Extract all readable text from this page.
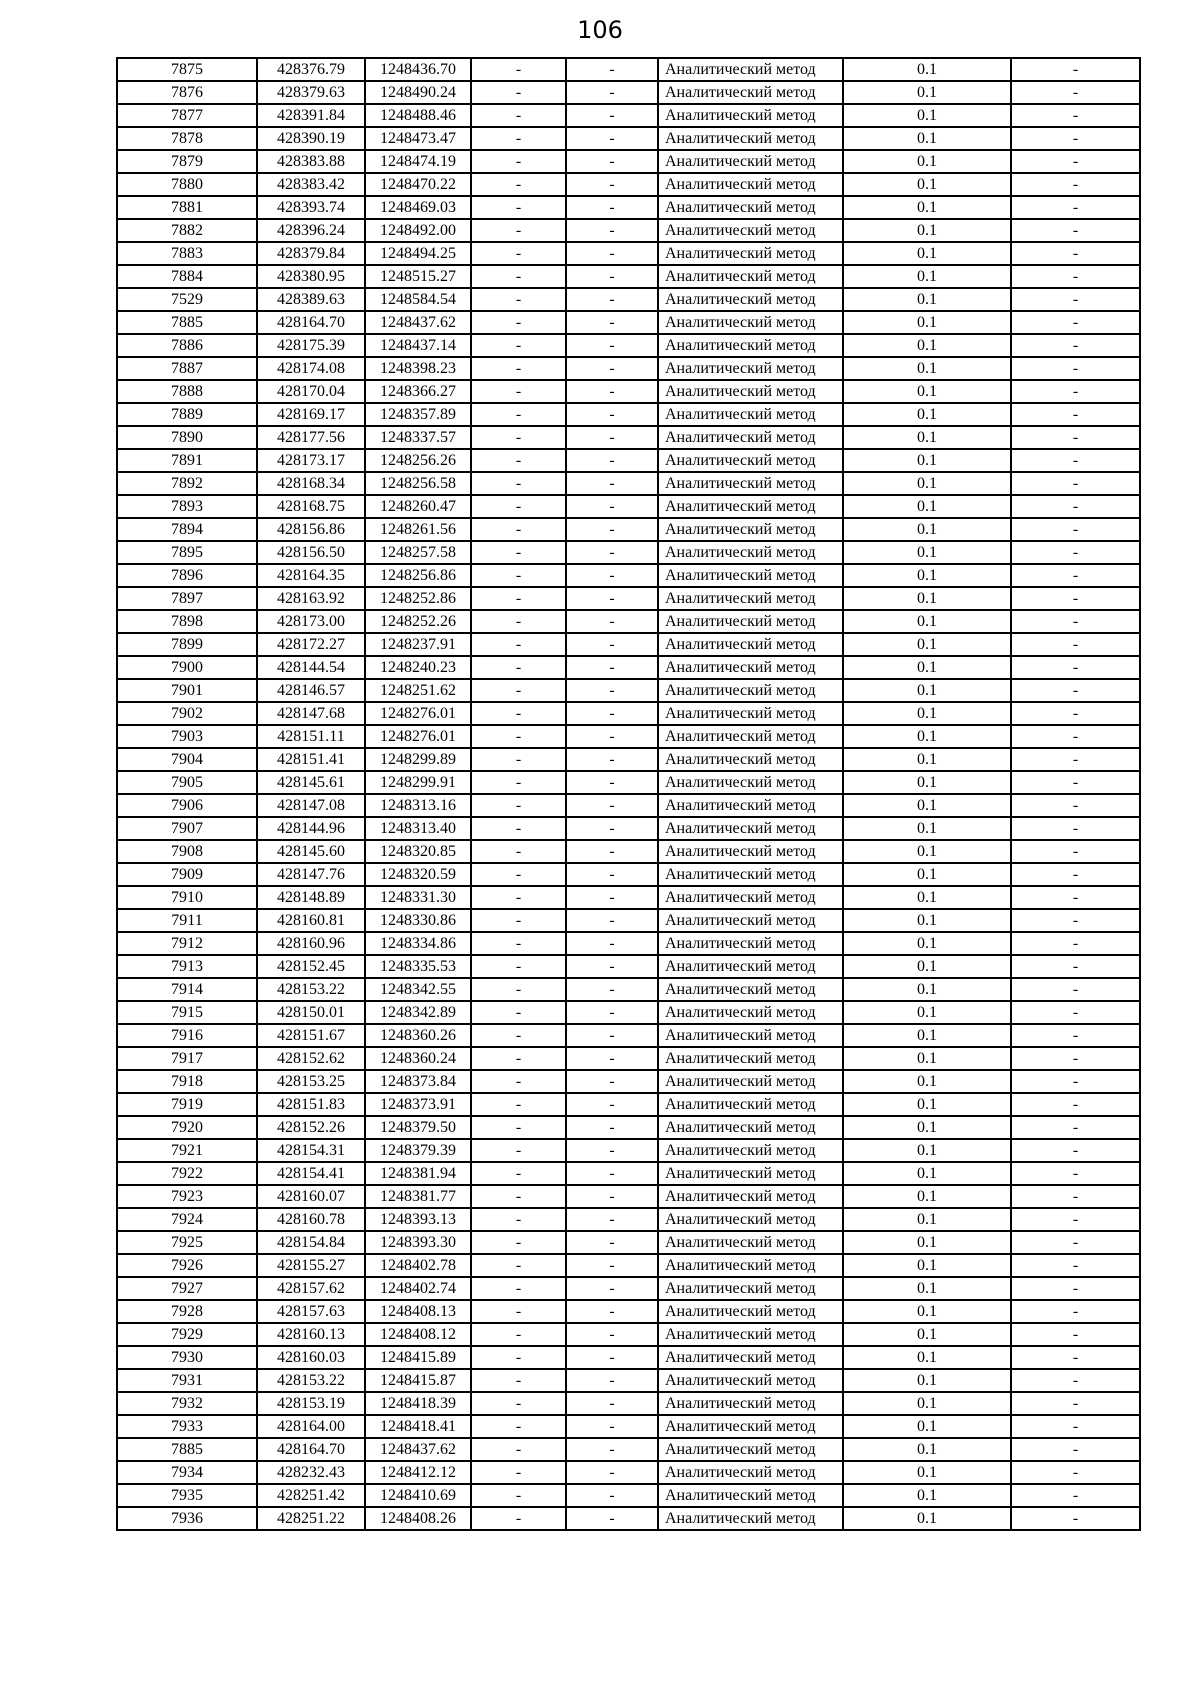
106
7875	428376.79	1248436.70	-	-	Аналитический метод	0.1	-
7876	428379.63	1248490.24	-	-	Аналитический метод	0.1	-
7877	428391.84	1248488.46	-	-	Аналитический метод	0.1	-
7878	428390.19	1248473.47	-	-	Аналитический метод	0.1	-
7879	428383.88	1248474.19	-	-	Аналитический метод	0.1	-
7880	428383.42	1248470.22	-	-	Аналитический метод	0.1	-
7881	428393.74	1248469.03	-	-	Аналитический метод	0.1	-
7882	428396.24	1248492.00	-	-	Аналитический метод	0.1	-
7883	428379.84	1248494.25	-	-	Аналитический метод	0.1	-
7884	428380.95	1248515.27	-	-	Аналитический метод	0.1	-
7529	428389.63	1248584.54	-	-	Аналитический метод	0.1	-
7885	428164.70	1248437.62	-	-	Аналитический метод	0.1	-
7886	428175.39	1248437.14	-	-	Аналитический метод	0.1	-
7887	428174.08	1248398.23	-	-	Аналитический метод	0.1	-
7888	428170.04	1248366.27	-	-	Аналитический метод	0.1	-
7889	428169.17	1248357.89	-	-	Аналитический метод	0.1	-
7890	428177.56	1248337.57	-	-	Аналитический метод	0.1	-
7891	428173.17	1248256.26	-	-	Аналитический метод	0.1	-
7892	428168.34	1248256.58	-	-	Аналитический метод	0.1	-
7893	428168.75	1248260.47	-	-	Аналитический метод	0.1	-
7894	428156.86	1248261.56	-	-	Аналитический метод	0.1	-
7895	428156.50	1248257.58	-	-	Аналитический метод	0.1	-
7896	428164.35	1248256.86	-	-	Аналитический метод	0.1	-
7897	428163.92	1248252.86	-	-	Аналитический метод	0.1	-
7898	428173.00	1248252.26	-	-	Аналитический метод	0.1	-
7899	428172.27	1248237.91	-	-	Аналитический метод	0.1	-
7900	428144.54	1248240.23	-	-	Аналитический метод	0.1	-
7901	428146.57	1248251.62	-	-	Аналитический метод	0.1	-
7902	428147.68	1248276.01	-	-	Аналитический метод	0.1	-
7903	428151.11	1248276.01	-	-	Аналитический метод	0.1	-
7904	428151.41	1248299.89	-	-	Аналитический метод	0.1	-
7905	428145.61	1248299.91	-	-	Аналитический метод	0.1	-
7906	428147.08	1248313.16	-	-	Аналитический метод	0.1	-
7907	428144.96	1248313.40	-	-	Аналитический метод	0.1	-
7908	428145.60	1248320.85	-	-	Аналитический метод	0.1	-
7909	428147.76	1248320.59	-	-	Аналитический метод	0.1	-
7910	428148.89	1248331.30	-	-	Аналитический метод	0.1	-
7911	428160.81	1248330.86	-	-	Аналитический метод	0.1	-
7912	428160.96	1248334.86	-	-	Аналитический метод	0.1	-
7913	428152.45	1248335.53	-	-	Аналитический метод	0.1	-
7914	428153.22	1248342.55	-	-	Аналитический метод	0.1	-
7915	428150.01	1248342.89	-	-	Аналитический метод	0.1	-
7916	428151.67	1248360.26	-	-	Аналитический метод	0.1	-
7917	428152.62	1248360.24	-	-	Аналитический метод	0.1	-
7918	428153.25	1248373.84	-	-	Аналитический метод	0.1	-
7919	428151.83	1248373.91	-	-	Аналитический метод	0.1	-
7920	428152.26	1248379.50	-	-	Аналитический метод	0.1	-
7921	428154.31	1248379.39	-	-	Аналитический метод	0.1	-
7922	428154.41	1248381.94	-	-	Аналитический метод	0.1	-
7923	428160.07	1248381.77	-	-	Аналитический метод	0.1	-
7924	428160.78	1248393.13	-	-	Аналитический метод	0.1	-
7925	428154.84	1248393.30	-	-	Аналитический метод	0.1	-
7926	428155.27	1248402.78	-	-	Аналитический метод	0.1	-
7927	428157.62	1248402.74	-	-	Аналитический метод	0.1	-
7928	428157.63	1248408.13	-	-	Аналитический метод	0.1	-
7929	428160.13	1248408.12	-	-	Аналитический метод	0.1	-
7930	428160.03	1248415.89	-	-	Аналитический метод	0.1	-
7931	428153.22	1248415.87	-	-	Аналитический метод	0.1	-
7932	428153.19	1248418.39	-	-	Аналитический метод	0.1	-
7933	428164.00	1248418.41	-	-	Аналитический метод	0.1	-
7885	428164.70	1248437.62	-	-	Аналитический метод	0.1	-
7934	428232.43	1248412.12	-	-	Аналитический метод	0.1	-
7935	428251.42	1248410.69	-	-	Аналитический метод	0.1	-
7936	428251.22	1248408.26	-	-	Аналитический метод	0.1	-
